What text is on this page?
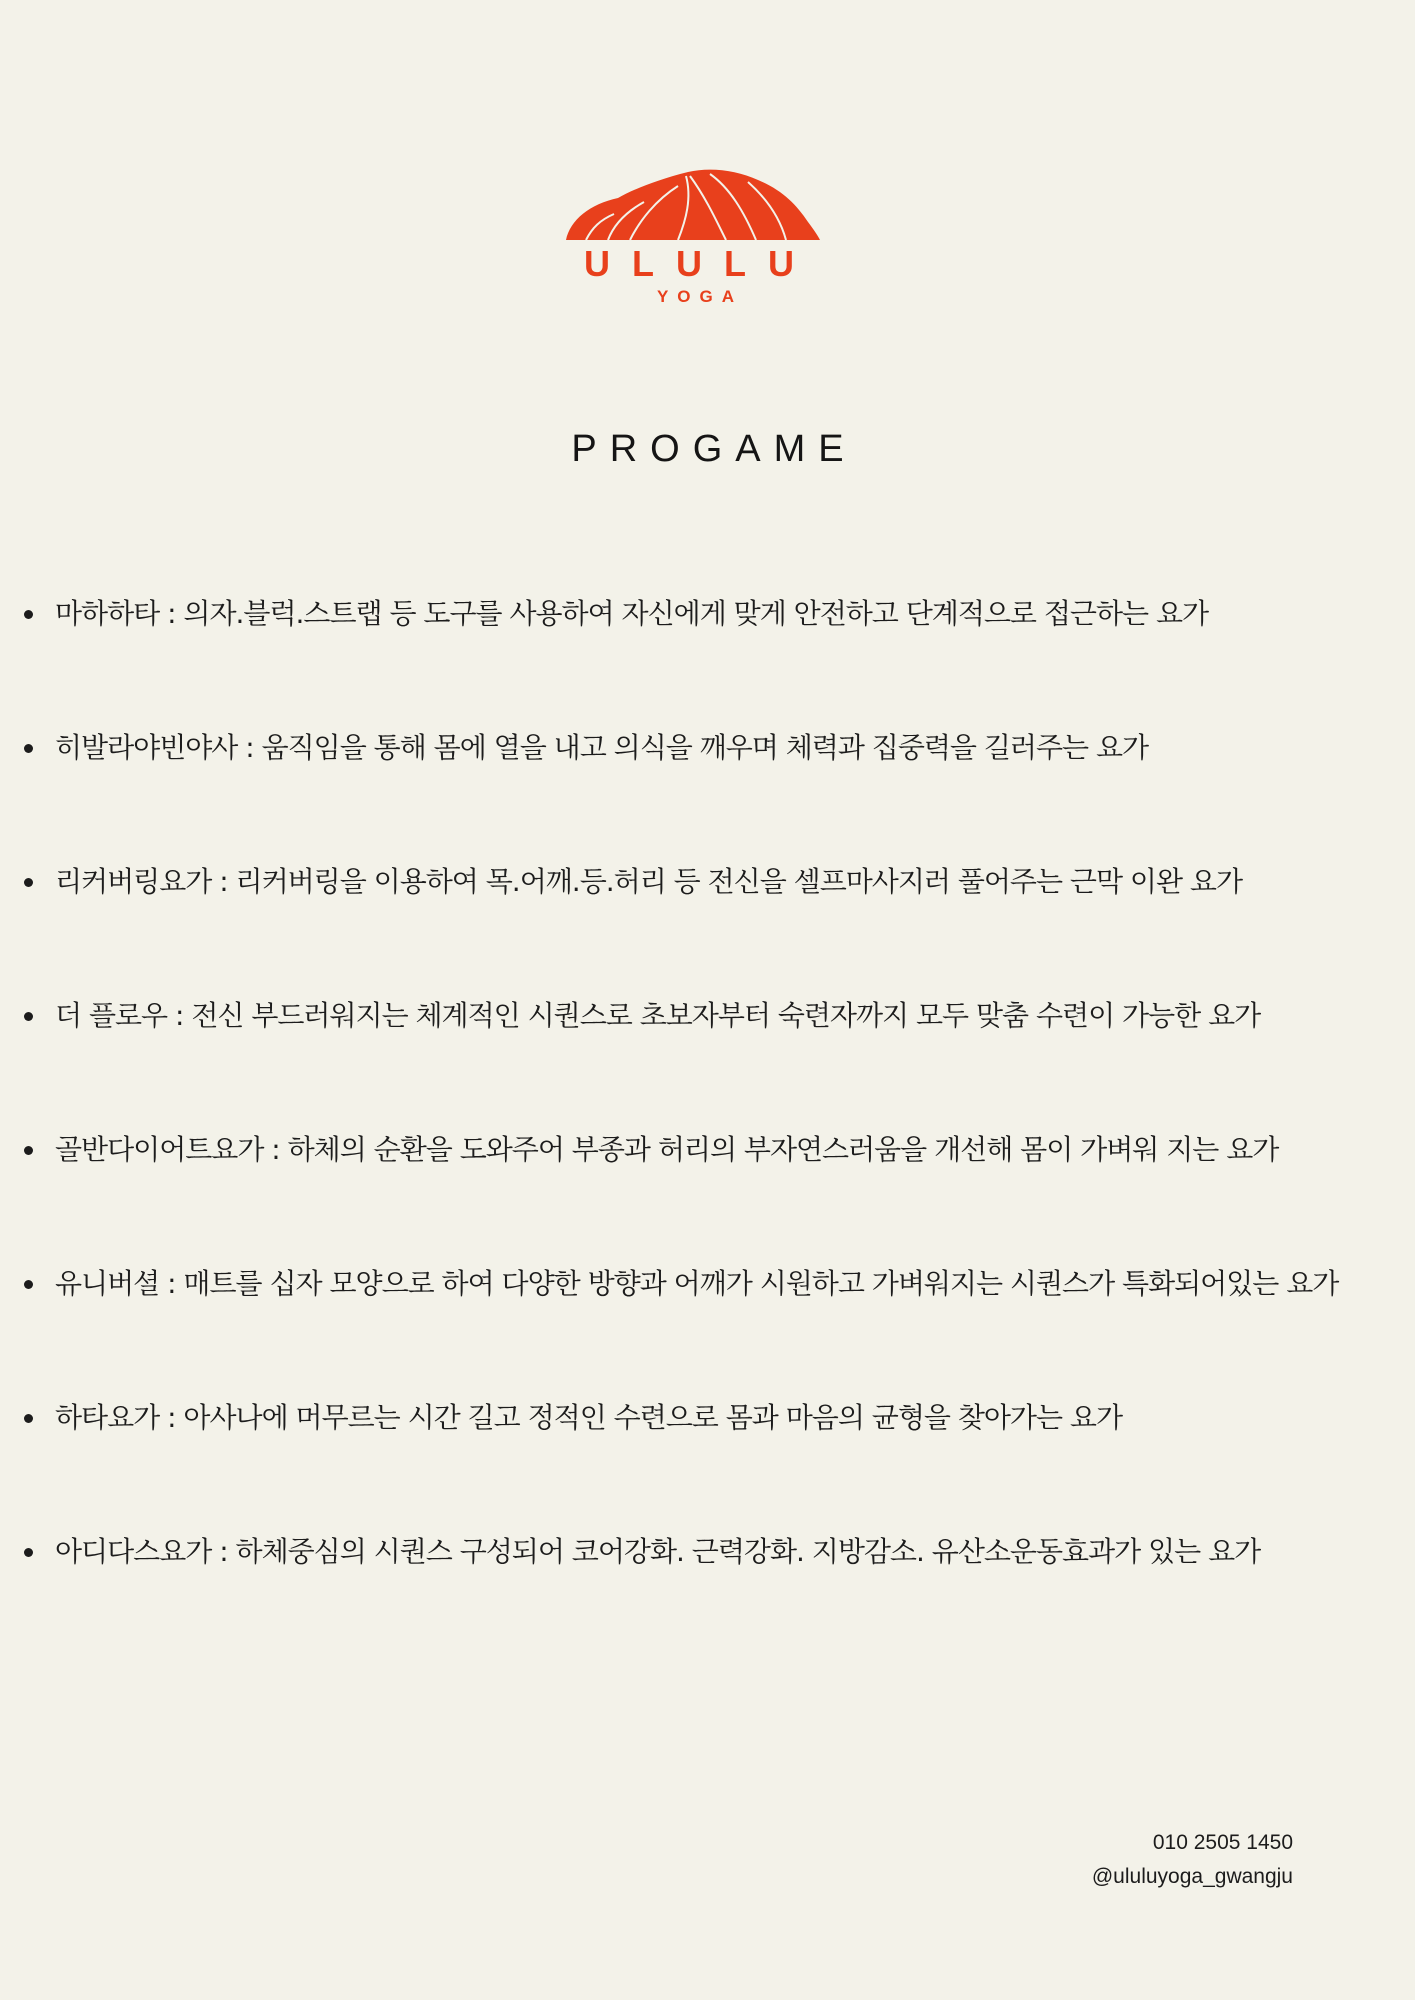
ULULU
YOGA
PROGAME
마하하타 : 의자.블럭.스트랩 등 도구를 사용하여 자신에게 맞게 안전하고 단계적으로 접근하는 요가
히발라야빈야사 : 움직임을 통해 몸에 열을 내고 의식을 깨우며 체력과 집중력을 길러주는 요가
리커버링요가 : 리커버링을 이용하여 목.어깨.등.허리 등 전신을 셀프마사지러 풀어주는 근막 이완 요가
더 플로우 : 전신 부드러워지는 체계적인 시퀀스로 초보자부터 숙련자까지 모두 맞춤 수련이 가능한 요가
골반다이어트요가 : 하체의 순환을 도와주어 부종과 허리의 부자연스러움을 개선해 몸이 가벼워 지는 요가
유니버셜 : 매트를 십자 모양으로 하여 다양한 방향과 어깨가 시원하고 가벼워지는 시퀀스가 특화되어있는 요가
하타요가 : 아사나에 머무르는 시간 길고 정적인 수련으로 몸과 마음의 균형을 찾아가는 요가
아디다스요가 : 하체중심의 시퀀스 구성되어 코어강화. 근력강화. 지방감소. 유산소운동효과가 있는 요가
010 2505 1450
@ululuyoga_gwangju
